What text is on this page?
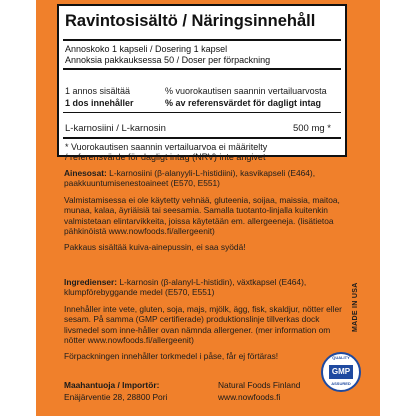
Ravintosisältö / Näringsinnehåll
Annoskoko 1 kapseli / Dosering 1 kapsel
Annoksia pakkauksessa 50 / Doser per förpackning
1 annos sisältää
1 dos innehåller
% vuorokautisen saannin vertailuarvosta
% av referensvärdet för dagligt intag
L-karnosiini / L-karnosin	500 mg *
* Vuorokautisen saannin vertailuarvoa ei määritelty
/ referensvärde för dagligt intag (NRV) inte angivet

Ainesosat: L-karnosiini (β-alanyyli-L-histidiini), kasvikapseli (E464), paakkuuntumisenestoaineet (E570, E551)

Valmistamisessa ei ole käytetty vehnää, gluteenia, soijaa, maissia, maitoa, munaa, kalaa, äyriäisiä tai seesamia. Samalla tuotanto-linjalla kuitenkin valmistetaan elintarvikkeita, joissa käytetään em. allergeeneja. (lisätietoa pähkinöistä www.nowfoods.fi/allergeenit)

Pakkaus sisältää kuiva-ainepussin, ei saa syödä!

Ingredienser: L-karnosin (β-alanyl-L-histidin), växtkapsel (E464), klumpförebyggande medel (E570, E551)

Innehåller inte vete, gluten, soja, majs, mjölk, ägg, fisk, skaldjur, nötter eller sesam. På samma (GMP certifierade) produktionslinje tillverkas dock livsmedel som inne-håller ovan nämnda allergener. (mer information om nötter www.nowfoods.fi/allergeenit)

Förpackningen innehåller torkmedel i påse, får ej förtäras!

Maahantuoja / Importör:
Enäjärventie 28, 28800 Pori
Natural Foods Finland
www.nowfoods.fi
MADE IN USA
QUALITY
GMP
ASSURED
